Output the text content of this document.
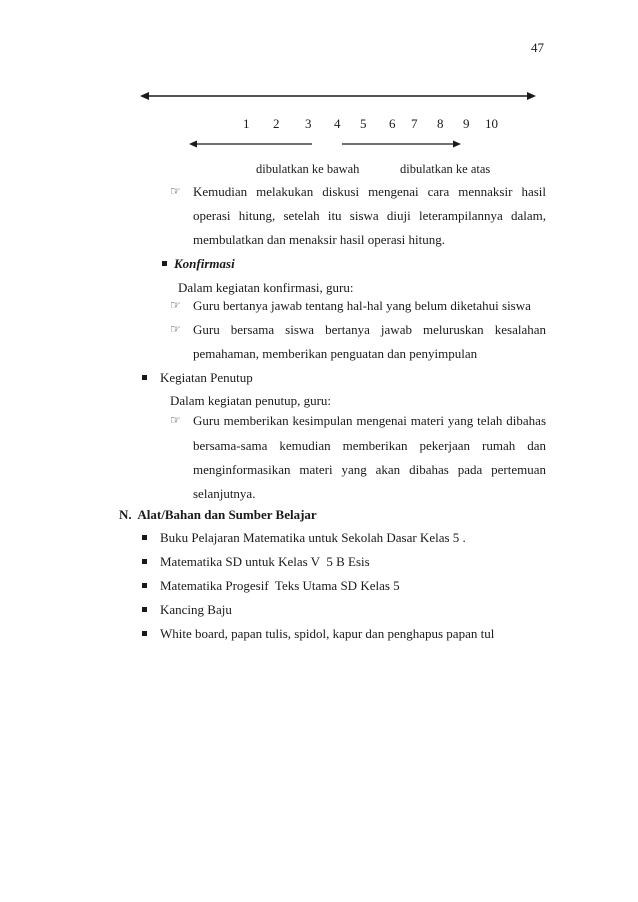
47
1 2 3 4 5 6 7 8 9 10
dibulatkan ke bawah	dibulatkan ke atas
☞ Kemudian melakukan diskusi mengenai cara mennaksir hasil
operasi hitung, setelah itu siswa diuji leterampilannya dalam,
membulatkan dan menaksir hasil operasi hitung.
Konfirmasi
Dalam kegiatan konfirmasi, guru:
☞ Guru bertanya jawab tentang hal-hal yang belum diketahui siswa
☞ Guru bersama siswa bertanya jawab meluruskan kesalahan
pemahaman, memberikan penguatan dan penyimpulan
Kegiatan Penutup
Dalam kegiatan penutup, guru:
☞ Guru memberikan kesimpulan mengenai materi yang telah dibahas
bersama-sama kemudian memberikan pekerjaan rumah dan
menginformasikan materi yang akan dibahas pada pertemuan
selanjutnya.
N.  Alat/Bahan dan Sumber Belajar
Buku Pelajaran Matematika untuk Sekolah Dasar Kelas 5 .
Matematika SD untuk Kelas V  5 B Esis
Matematika Progesif  Teks Utama SD Kelas 5
Kancing Baju
White board, papan tulis, spidol, kapur dan penghapus papan tul
